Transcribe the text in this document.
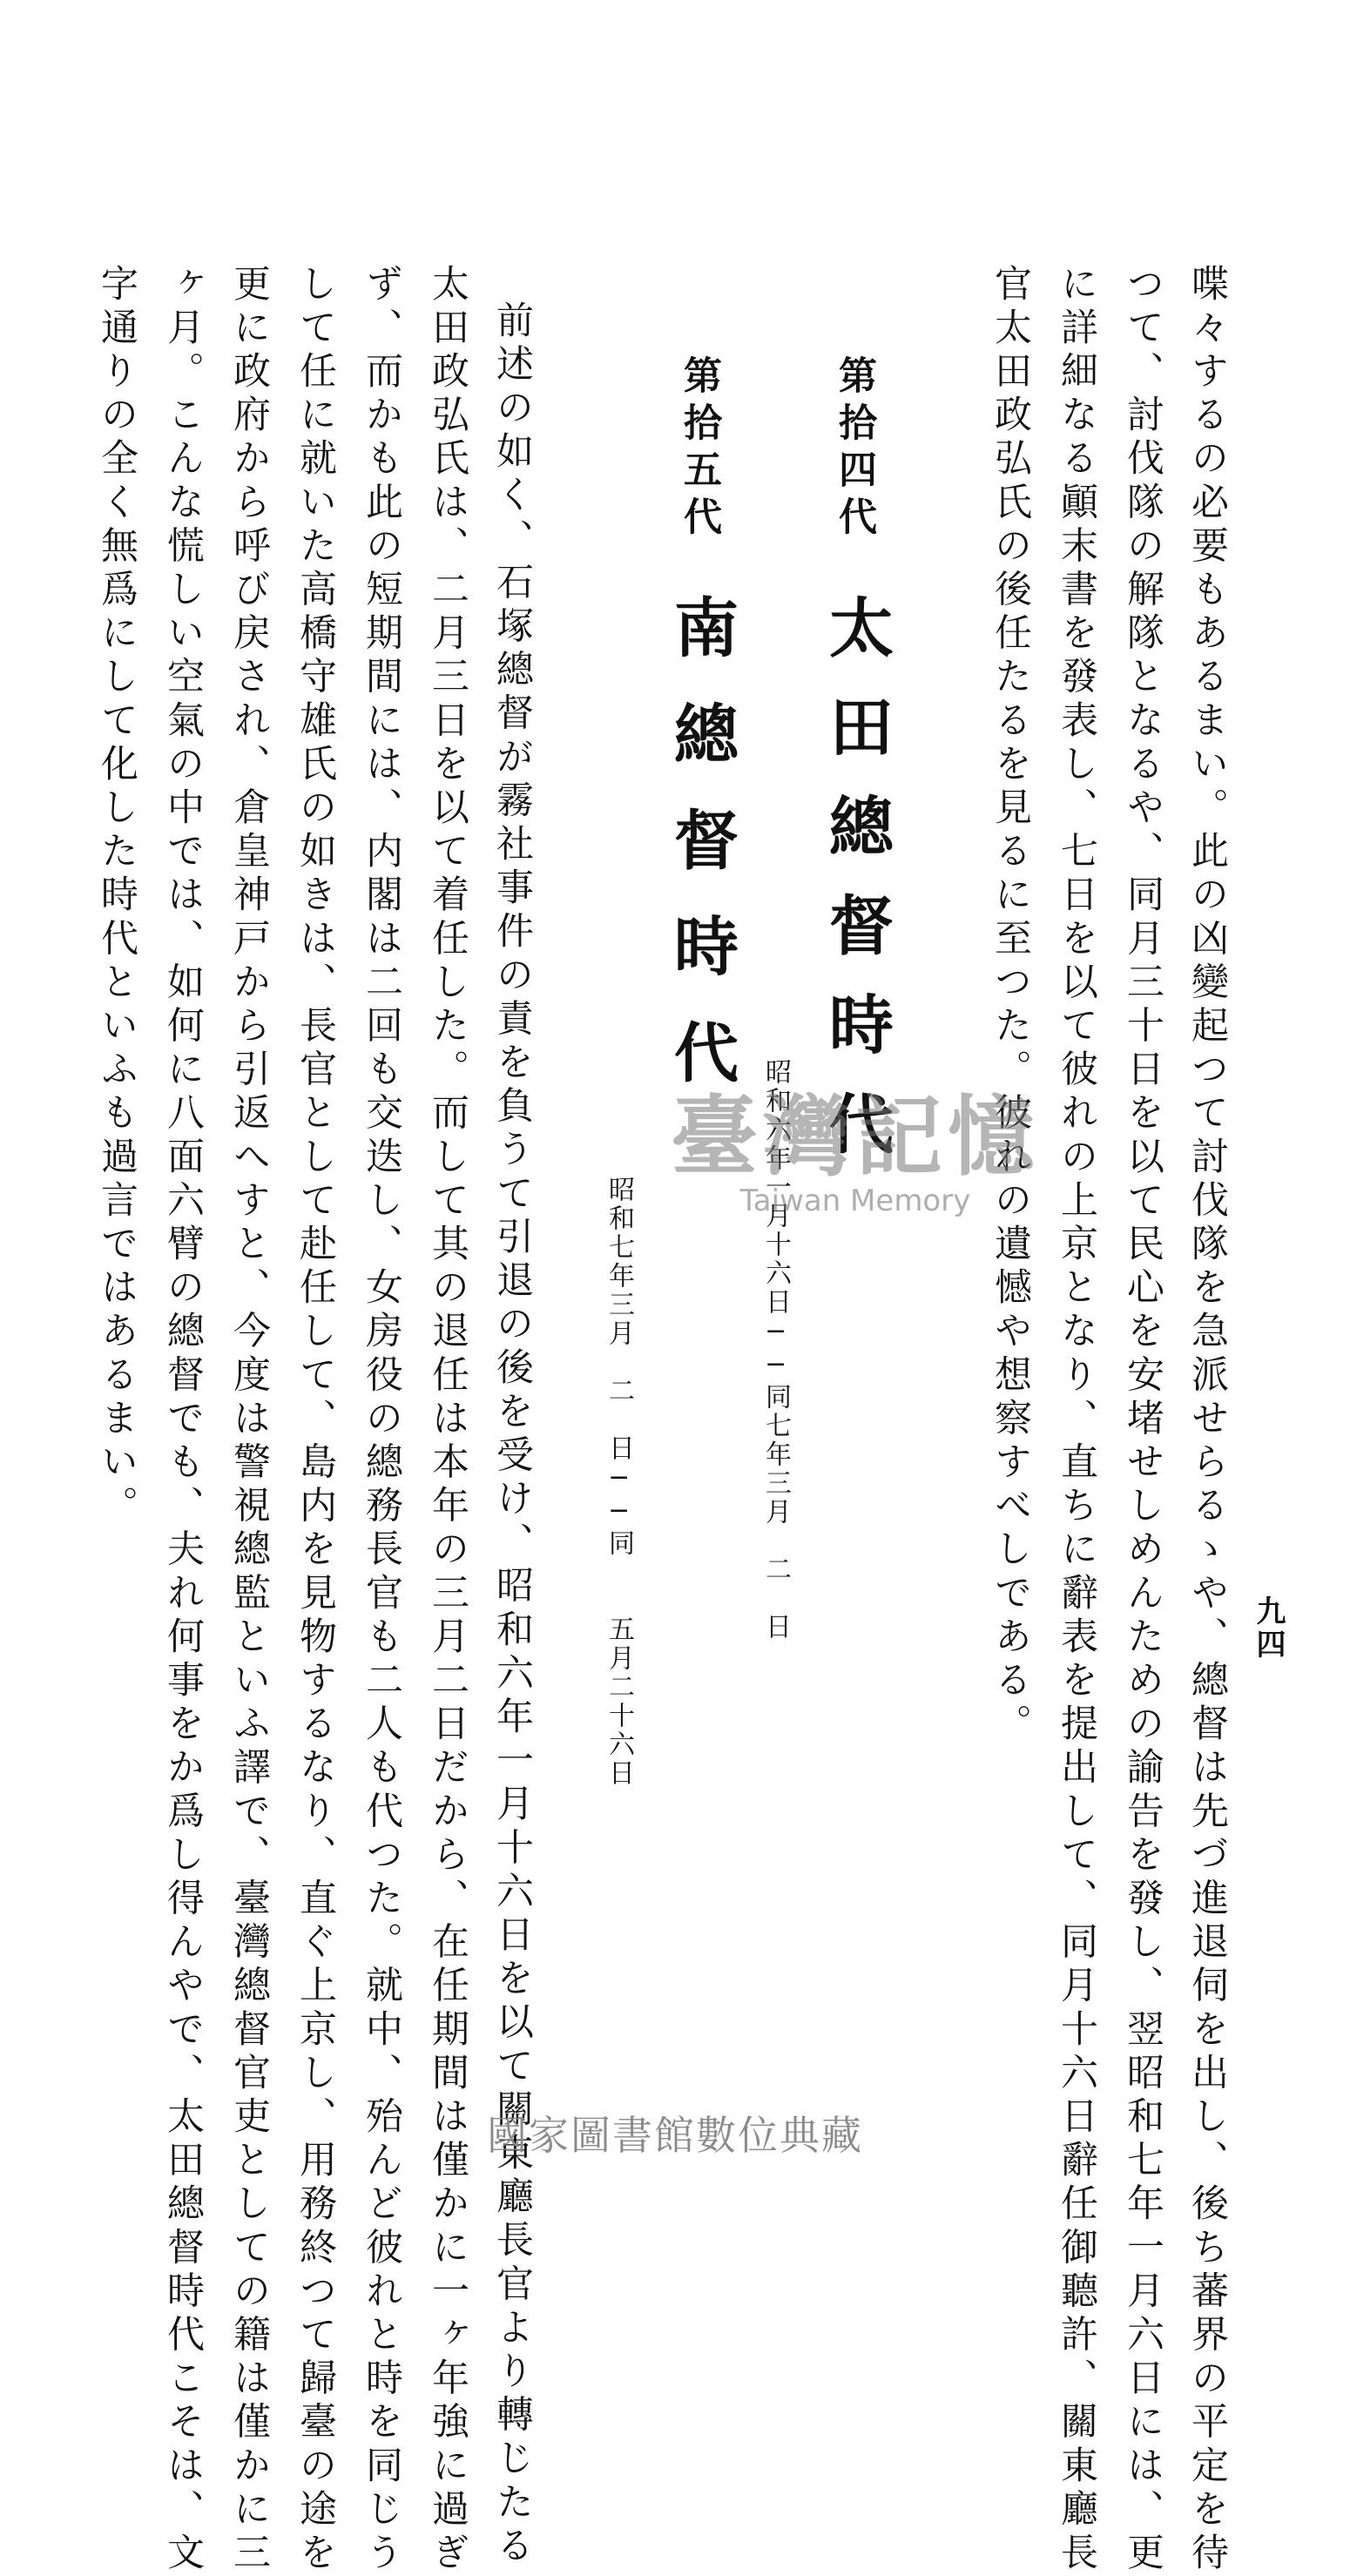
九四
喋々するの必要もあるまい。此の凶變起つて討伐隊を急派せらるゝや、總督は先づ進退伺を出し、後ち蕃界の平定を待
つて、討伐隊の解隊となるや、同月三十日を以て民心を安堵せしめんための諭告を發し、翌昭和七年一月六日には、更
に詳細なる顚末書を發表し、七日を以て彼れの上京となり、直ちに辭表を提出して、同月十六日辭任御聽許、關東廳長
官太田政弘氏の後任たるを見るに至つた。彼れの遺憾や想察すべしである。
第拾四代
太田總督時代
昭和六年一月十六日──同七年三月　二　日
第拾五代
南總督時代
昭和七年三月　二　日──同　　五月二十六日
前述の如く、石塚總督が霧社事件の責を負うて引退の後を受け、昭和六年一月十六日を以て關東廳長官より轉じたる
太田政弘氏は、二月三日を以て着任した。而して其の退任は本年の三月二日だから、在任期間は僅かに一ヶ年強に過ぎ
ず、而かも此の短期間には、内閣は二回も交迭し、女房役の總務長官も二人も代つた。就中、殆んど彼れと時を同じう
して任に就いた高橋守雄氏の如きは、長官として赴任して、島内を見物するなり、直ぐ上京し、用務終つて歸臺の途を
更に政府から呼び戻され、倉皇神戸から引返へすと、今度は警視總監といふ譯で、臺灣總督官吏としての籍は僅かに三
ヶ月。こんな慌しい空氣の中では、如何に八面六臂の總督でも、夫れ何事をか爲し得んやで、太田總督時代こそは、文
字通りの全く無爲にして化した時代といふも過言ではあるまい。	臺灣記憶
Taiwan Memory
國家圖書館數位典藏
